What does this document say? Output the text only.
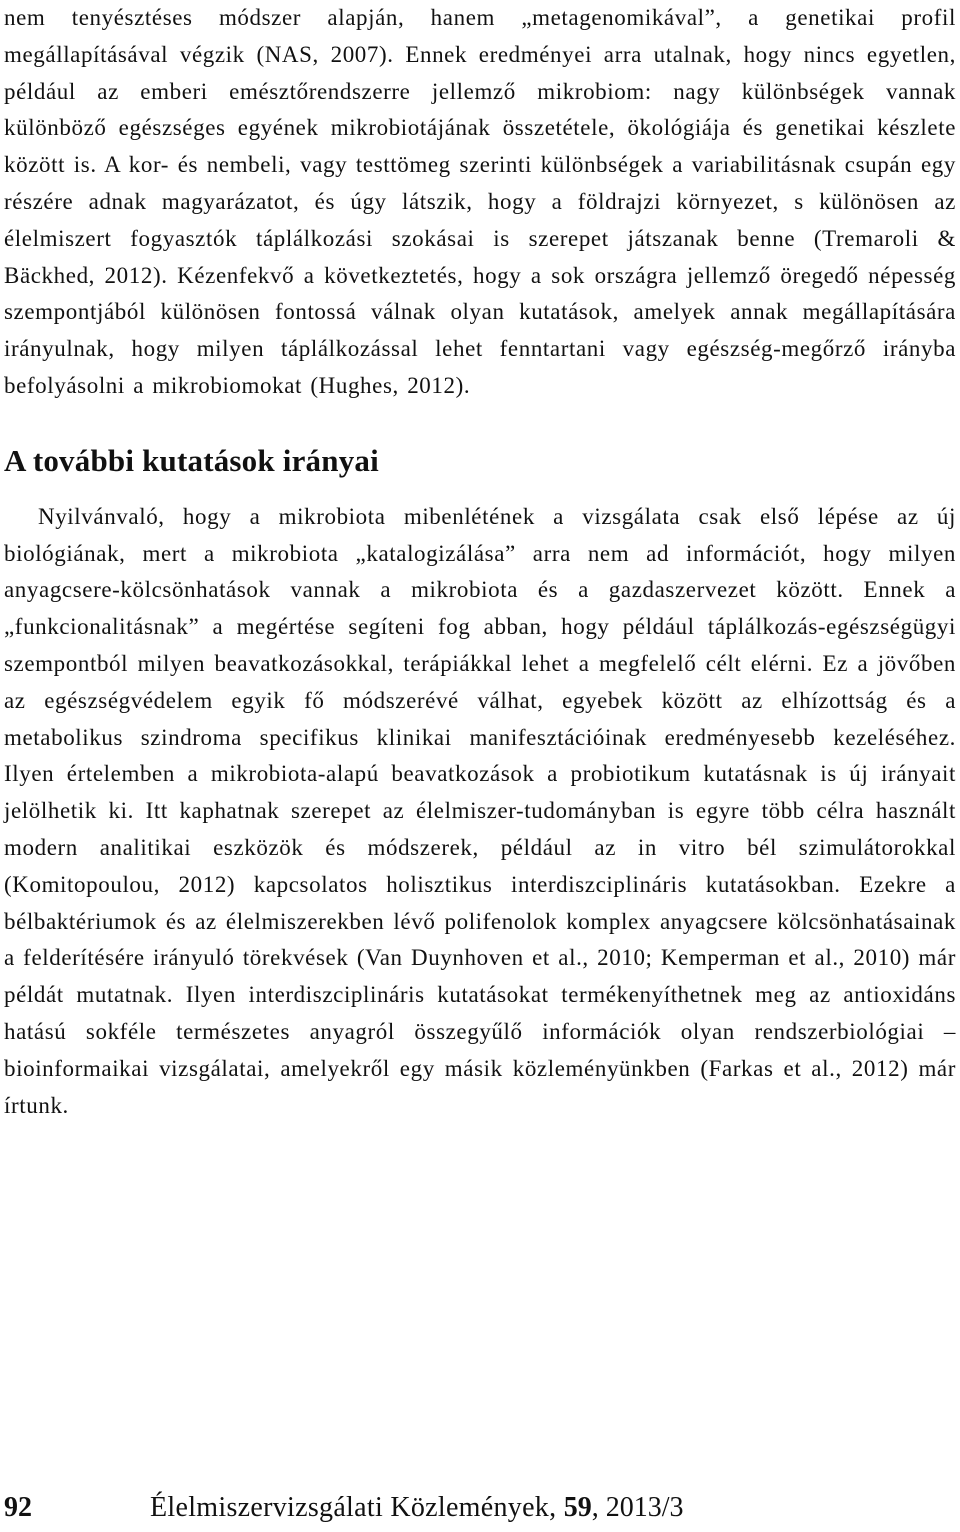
nem tenyésztéses módszer alapján, hanem „metagenomikával”, a genetikai profil megállapításával végzik (NAS, 2007). Ennek eredményei arra utalnak, hogy nincs egyetlen, például az emberi emésztőrendszerre jellemző mikrobiom: nagy különbségek vannak különböző egészséges egyének mikrobiotájának összetétele, ökológiája és genetikai készlete között is. A kor- és nembeli, vagy testtömeg szerinti különbségek a variabilitásnak csupán egy részére adnak magyarázatot, és úgy látszik, hogy a földrajzi környezet, s különösen az élelmiszert fogyasztók táplálkozási szokásai is szerepet játszanak benne (Tremaroli & Bäckhed, 2012). Kézenfekvő a következtetés, hogy a sok országra jellemző öregedő népesség szempontjából különösen fontossá válnak olyan kutatások, amelyek annak megállapítására irányulnak, hogy milyen táplálkozással lehet fenntartani vagy egészség-megőrző irányba befolyásolni a mikrobiomokat (Hughes, 2012).

A további kutatások irányai

Nyilvánvaló, hogy a mikrobiota mibenlétének a vizsgálata csak első lépése az új biológiának, mert a mikrobiota „katalogizálása” arra nem ad információt, hogy milyen anyagcsere-kölcsönhatások vannak a mikrobiota és a gazdaszervezet között. Ennek a „funkcionalitásnak” a megértése segíteni fog abban, hogy például táplálkozás-egészségügyi szempontból milyen beavatkozásokkal, terápiákkal lehet a megfelelő célt elérni. Ez a jövőben az egészségvédelem egyik fő módszerévé válhat, egyebek között az elhízottság és a metabolikus szindroma specifikus klinikai manifesztációinak eredményesebb kezeléséhez. Ilyen értelemben a mikrobiota-alapú beavatkozások a probiotikum kutatásnak is új irányait jelölhetik ki. Itt kaphatnak szerepet az élelmiszer-tudományban is egyre több célra használt modern analitikai eszközök és módszerek, például az in vitro bél szimulátorokkal (Komitopoulou, 2012) kapcsolatos holisztikus interdiszciplináris kutatásokban. Ezekre a bélbaktériumok és az élelmiszerekben lévő polifenolok komplex anyagcsere kölcsönhatásainak a felderítésére irányuló törekvések (Van Duynhoven et al., 2010; Kemperman et al., 2010) már példát mutatnak. Ilyen interdiszciplináris kutatásokat termékenyíthetnek meg az antioxidáns hatású sokféle természetes anyagról összegyűlő információk olyan rendszerbiológiai – bioinformaikai vizsgálatai, amelyekről egy másik közleményünkben (Farkas et al., 2012) már írtunk.

92	Élelmiszervizsgálati Közlemények, 59, 2013/3
